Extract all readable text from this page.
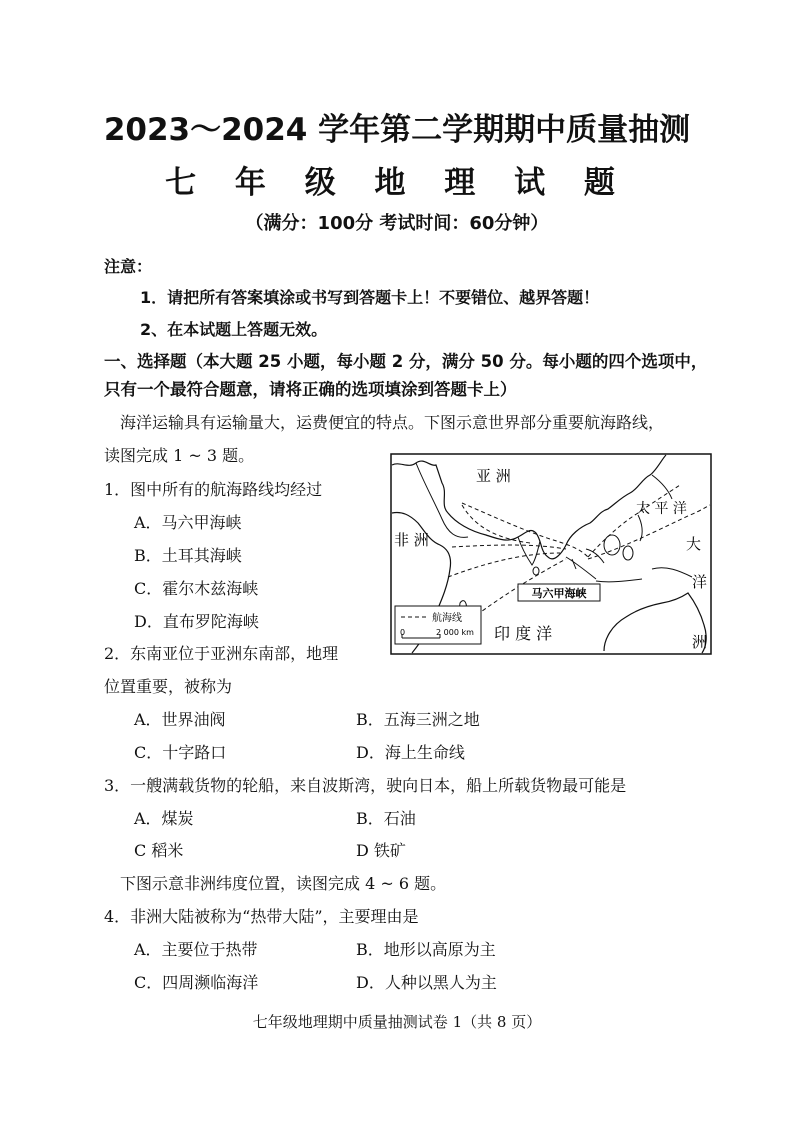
2023～2024 学年第二学期期中质量抽测
七 年 级 地 理 试 题
（满分：100分 考试时间：60分钟）
注意：
1．请把所有答案填涂或书写到答题卡上！不要错位、越界答题！
2、在本试题上答题无效。
一、选择题（本大题 25 小题，每小题 2 分，满分 50 分。每小题的四个选项中，
只有一个最符合题意，请将正确的选项填涂到答题卡上）
海洋运输具有运输量大，运费便宜的特点。下图示意世界部分重要航海路线，
读图完成 1 ~ 3 题。
1．图中所有的航海路线均经过
A．马六甲海峡
B．土耳其海峡
C．霍尔木兹海峡
D．直布罗陀海峡
马六甲海峡
航海线
0	2 000 km
亚 洲
非 洲
太 平 洋
大
洋
洲
印 度 洋
2．东南亚位于亚洲东南部，地理
位置重要，被称为
A．世界油阀	B．五海三洲之地
C．十字路口	D．海上生命线
3．一艘满载货物的轮船，来自波斯湾，驶向日本，船上所载货物最可能是
A．煤炭	B．石油
C 稻米	D 铁矿
下图示意非洲纬度位置，读图完成 4 ~ 6 题。
4．非洲大陆被称为“热带大陆”，主要理由是
A．主要位于热带	B．地形以高原为主
C．四周濒临海洋	D．人种以黑人为主
七年级地理期中质量抽测试卷 1（共 8 页）
